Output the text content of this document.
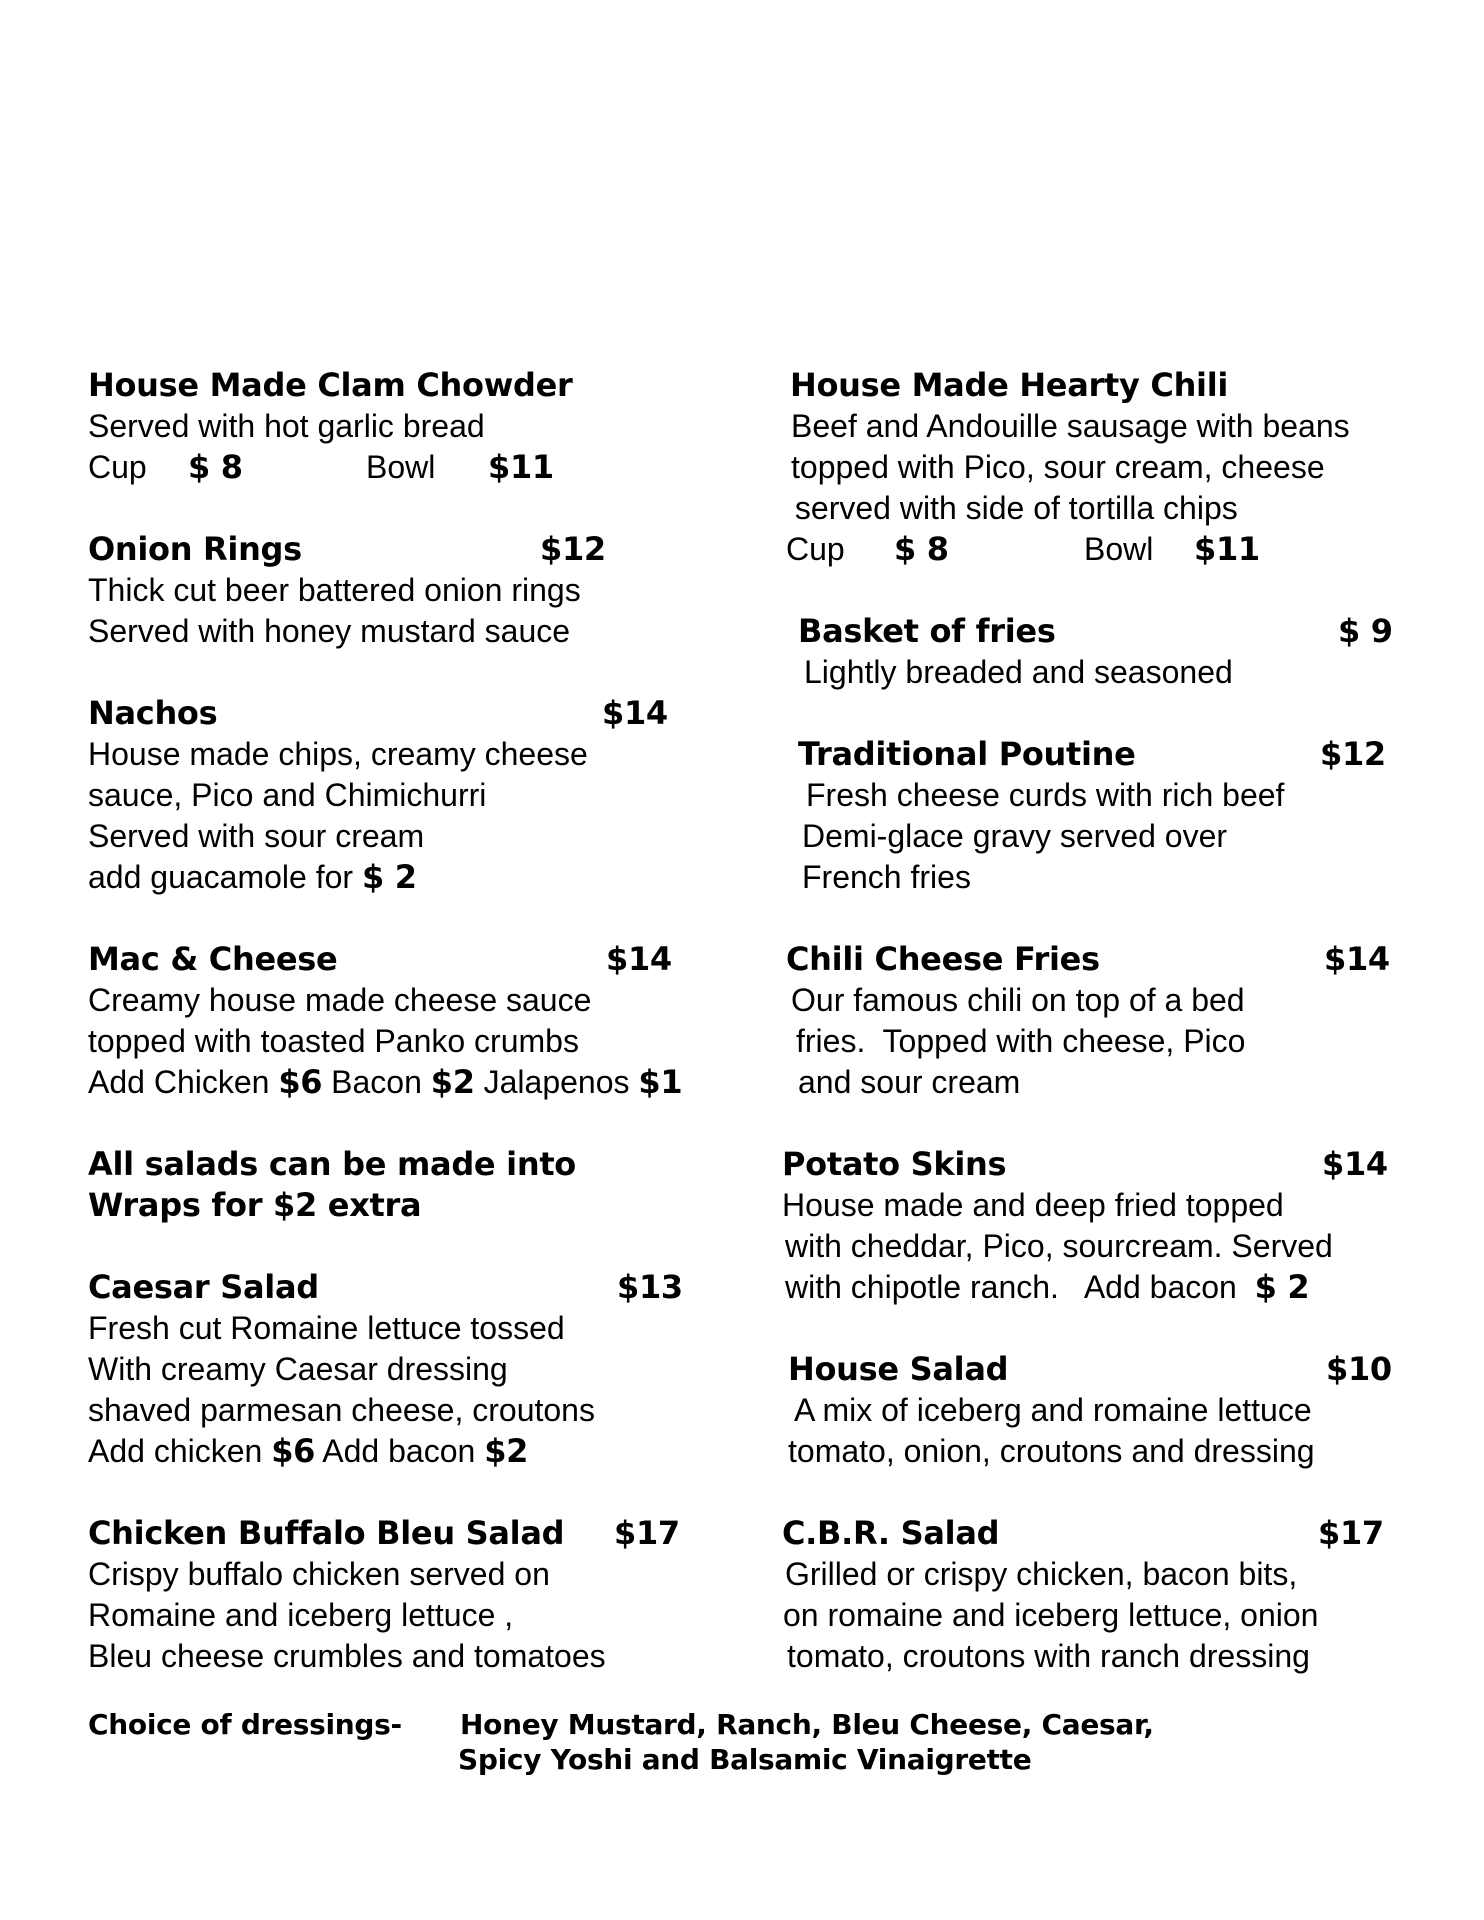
House Made Clam Chowder
Served with hot garlic bread
Cup $ 8	Bowl $11
Onion Rings	$12
Thick cut beer battered onion rings
Served with honey mustard sauce
Nachos	$14
House made chips, creamy cheese
sauce, Pico and Chimichurri
Served with sour cream
add guacamole for $ 2
Mac & Cheese	$14
Creamy house made cheese sauce
topped with toasted Panko crumbs
Add Chicken $6 Bacon $2 Jalapenos $1
All salads can be made into
Wraps for $2 extra
Caesar Salad	$13
Fresh cut Romaine lettuce tossed
With creamy Caesar dressing
shaved parmesan cheese, croutons
Add chicken $6 Add bacon $2
Chicken Buffalo Bleu Salad $17
Crispy buffalo chicken served on
Romaine and iceberg lettuce ,
Bleu cheese crumbles and tomatoes
House Made Hearty Chili
Beef and Andouille sausage with beans
topped with Pico, sour cream, cheese
served with side of tortilla chips
Cup $ 8	Bowl $11
Basket of fries	$ 9
Lightly breaded and seasoned
Traditional Poutine	$12
Fresh cheese curds with rich beef
Demi-glace gravy served over
French fries
Chili Cheese Fries	$14
Our famous chili on top of a bed
fries.  Topped with cheese, Pico
and sour cream
Potato Skins	$14
House made and deep fried topped
with cheddar, Pico, sourcream. Served
with chipotle ranch.   Add bacon  $ 2
House Salad	$10
A mix of iceberg and romaine lettuce
tomato, onion, croutons and dressing
C.B.R. Salad	$17
Grilled or crispy chicken, bacon bits,
on romaine and iceberg lettuce, onion
tomato, croutons with ranch dressing
Choice of dressings- Honey Mustard, Ranch, Bleu Cheese, Caesar,
Spicy Yoshi and Balsamic Vinaigrette
